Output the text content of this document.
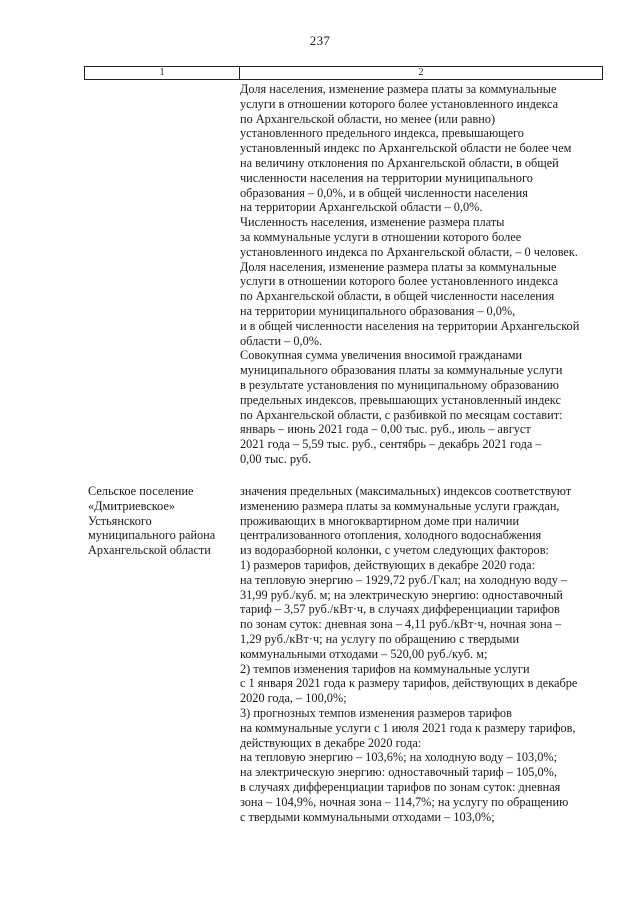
237
1	2
Доля населения, изменение размера платы за коммунальные
услуги в отношении которого более установленного индекса
по Архангельской области, но менее (или равно)
установленного предельного индекса, превышающего
установленный индекс по Архангельской области не более чем
на величину отклонения по Архангельской области, в общей
численности населения на территории муниципального
образования – 0,0%, и в общей численности населения
на территории Архангельской области – 0,0%.
Численность населения, изменение размера платы
за коммунальные услуги в отношении которого более
установленного индекса по Архангельской области, – 0 человек.
Доля населения, изменение размера платы за коммунальные
услуги в отношении которого более установленного индекса
по Архангельской области, в общей численности населения
на территории муниципального образования – 0,0%,
и в общей численности населения на территории Архангельской
области – 0,0%.
Совокупная сумма увеличения вносимой гражданами
муниципального образования платы за коммунальные услуги
в результате установления по муниципальному образованию
предельных индексов, превышающих установленный индекс
по Архангельской области, с разбивкой по месяцам составит:
январь – июнь 2021 года – 0,00 тыс. руб., июль – август
2021 года – 5,59 тыс. руб., сентябрь – декабрь 2021 года –
0,00 тыс. руб.
Сельское поселение
«Дмитриевское»
Устьянского
муниципального района
Архангельской области
значения предельных (максимальных) индексов соответствуют
изменению размера платы за коммунальные услуги граждан,
проживающих в многоквартирном доме при наличии
централизованного отопления, холодного водоснабжения
из водоразборной колонки, с учетом следующих факторов:
1) размеров тарифов, действующих в декабре 2020 года:
на тепловую энергию – 1929,72 руб./Гкал; на холодную воду –
31,99 руб./куб. м; на электрическую энергию: одноставочный
тариф – 3,57 руб./кВт·ч, в случаях дифференциации тарифов
по зонам суток: дневная зона – 4,11 руб./кВт·ч, ночная зона –
1,29 руб./кВт·ч; на услугу по обращению с твердыми
коммунальными отходами – 520,00 руб./куб. м;
2) темпов изменения тарифов на коммунальные услуги
с 1 января 2021 года к размеру тарифов, действующих в декабре
2020 года, – 100,0%;
3) прогнозных темпов изменения размеров тарифов
на коммунальные услуги с 1 июля 2021 года к размеру тарифов,
действующих в декабре 2020 года:
на тепловую энергию – 103,6%; на холодную воду – 103,0%;
на электрическую энергию: одноставочный тариф – 105,0%,
в случаях дифференциации тарифов по зонам суток: дневная
зона – 104,9%, ночная зона – 114,7%; на услугу по обращению
с твердыми коммунальными отходами – 103,0%;
